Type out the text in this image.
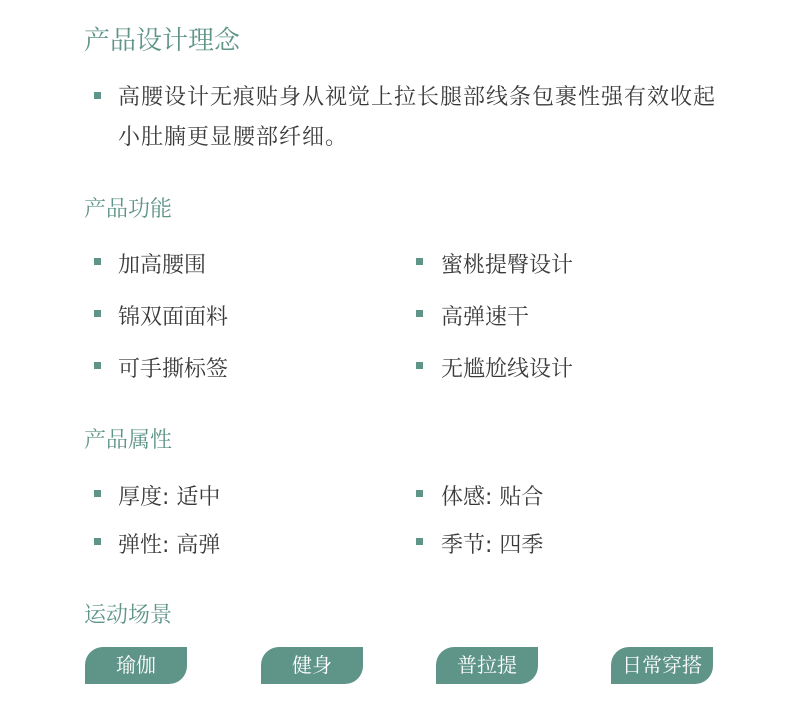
产品设计理念
高腰设计无痕贴身从视觉上拉长腿部线条包裹性强有效收起小肚腩更显腰部纤细。
产品功能
加高腰围	蜜桃提臀设计
锦双面面料	高弹速干
可手撕标签	无尴尬线设计
产品属性
厚度: 适中	体感: 贴合
弹性: 高弹	季节: 四季
运动场景
瑜伽	健身	普拉提	日常穿搭
